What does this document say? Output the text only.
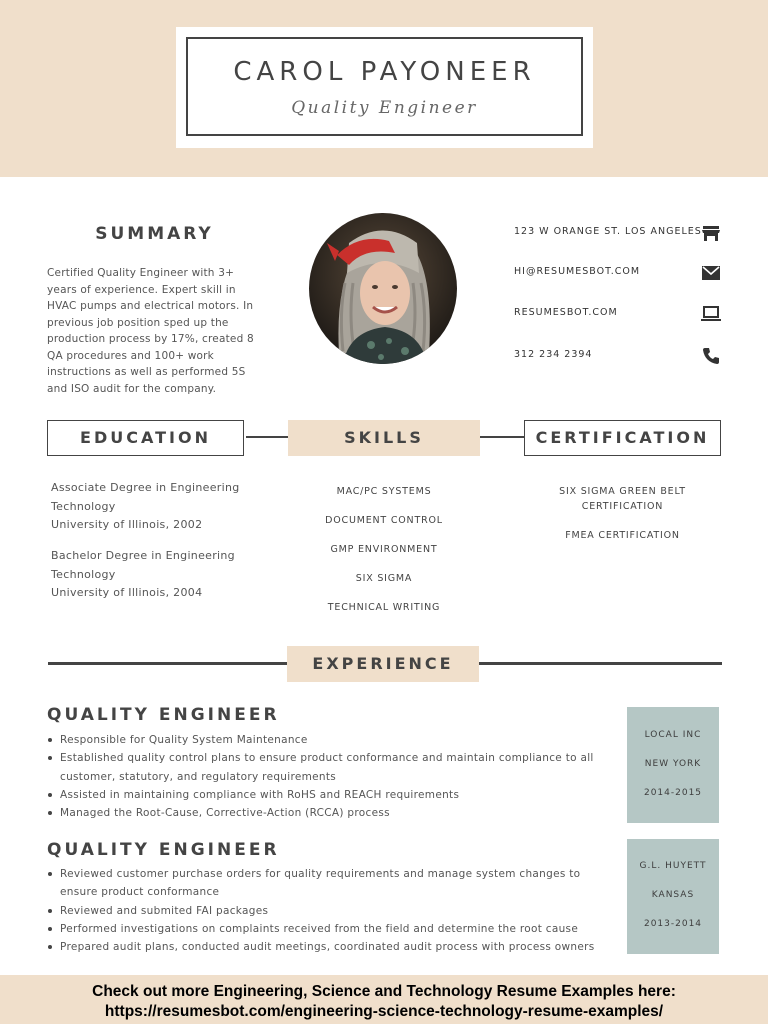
CAROL PAYONEER
Quality Engineer
SUMMARY
Certified Quality Engineer with 3+
years of experience. Expert skill in
HVAC pumps and electrical motors. In
previous job position sped up the
production process by 17%, created 8
QA procedures and 100+ work
instructions as well as performed 5S
and ISO audit for the company.
123 W ORANGE ST. LOS ANGELES
HI@RESUMESBOT.COM
RESUMESBOT.COM
312 234 2394
EDUCATION	SKILLS	CERTIFICATION
Associate Degree in Engineering
Technology
University of Illinois, 2002
Bachelor Degree in Engineering
Technology
University of Illinois, 2004
MAC/PC SYSTEMS
DOCUMENT CONTROL
GMP ENVIRONMENT
SIX SIGMA
TECHNICAL WRITING
SIX SIGMA GREEN BELT CERTIFICATION
FMEA CERTIFICATION
EXPERIENCE
QUALITY ENGINEER
Responsible for Quality System Maintenance
Established quality control plans to ensure product conformance and maintain compliance to all customer, statutory, and regulatory requirements
Assisted in maintaining compliance with RoHS and REACH requirements
Managed the Root-Cause, Corrective-Action (RCCA) process
LOCAL INC
NEW YORK
2014-2015
QUALITY ENGINEER
Reviewed customer purchase orders for quality requirements and manage system changes to ensure product conformance
Reviewed and submited FAI packages
Performed investigations on complaints received from the field and determine the root cause
Prepared audit plans, conducted audit meetings, coordinated audit process with process owners
G.L. HUYETT
KANSAS
2013-2014
Check out more Engineering, Science and Technology Resume Examples here:
https://resumesbot.com/engineering-science-technology-resume-examples/
